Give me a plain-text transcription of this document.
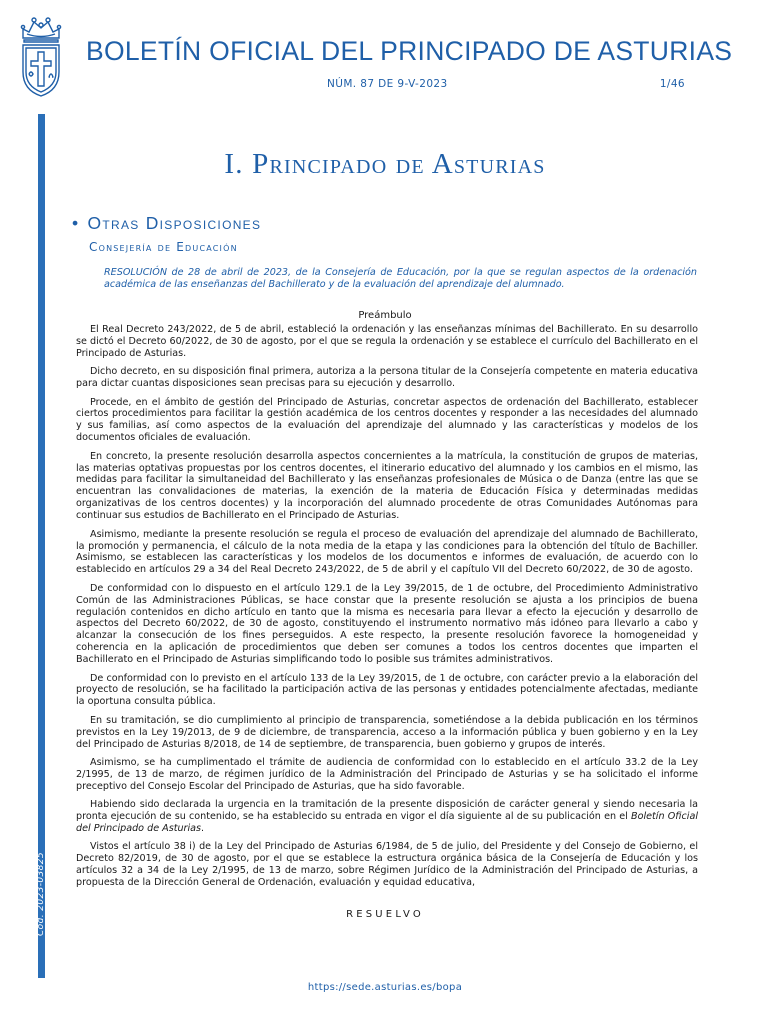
BOLETÍN OFICIAL DEL PRINCIPADO DE ASTURIAS
NÚM. 87 DE 9-V-2023	1/46
Cód. 2023-03825
I. Principado de Asturias
• Otras Disposiciones
Consejería de Educación

RESOLUCIÓN de 28 de abril de 2023, de la Consejería de Educación, por la que se regulan aspectos de la ordenación académica de las enseñanzas del Bachillerato y de la evaluación del aprendizaje del alumnado.

Preámbulo

El Real Decreto 243/2022, de 5 de abril, estableció la ordenación y las enseñanzas mínimas del Bachillerato. En su desarrollo se dictó el Decreto 60/2022, de 30 de agosto, por el que se regula la ordenación y se establece el currículo del Bachillerato en el Principado de Asturias.

Dicho decreto, en su disposición final primera, autoriza a la persona titular de la Consejería competente en materia educativa para dictar cuantas disposiciones sean precisas para su ejecución y desarrollo.

Procede, en el ámbito de gestión del Principado de Asturias, concretar aspectos de ordenación del Bachillerato, establecer ciertos procedimientos para facilitar la gestión académica de los centros docentes y responder a las necesidades del alumnado y sus familias, así como aspectos de la evaluación del aprendizaje del alumnado y las características y modelos de los documentos oficiales de evaluación.

En concreto, la presente resolución desarrolla aspectos concernientes a la matrícula, la constitución de grupos de materias, las materias optativas propuestas por los centros docentes, el itinerario educativo del alumnado y los cambios en el mismo, las medidas para facilitar la simultaneidad del Bachillerato y las enseñanzas profesionales de Música o de Danza (entre las que se encuentran las convalidaciones de materias, la exención de la materia de Educación Física y determinadas medidas organizativas de los centros docentes) y la incorporación del alumnado procedente de otras Comunidades Autónomas para continuar sus estudios de Bachillerato en el Principado de Asturias.

Asimismo, mediante la presente resolución se regula el proceso de evaluación del aprendizaje del alumnado de Bachillerato, la promoción y permanencia, el cálculo de la nota media de la etapa y las condiciones para la obtención del título de Bachiller. Asimismo, se establecen las características y los modelos de los documentos e informes de evaluación, de acuerdo con lo establecido en artículos 29 a 34 del Real Decreto 243/2022, de 5 de abril y el capítulo VII del Decreto 60/2022, de 30 de agosto.

De conformidad con lo dispuesto en el artículo 129.1 de la Ley 39/2015, de 1 de octubre, del Procedimiento Administrativo Común de las Administraciones Públicas, se hace constar que la presente resolución se ajusta a los principios de buena regulación contenidos en dicho artículo en tanto que la misma es necesaria para llevar a efecto la ejecución y desarrollo de aspectos del Decreto 60/2022, de 30 de agosto, constituyendo el instrumento normativo más idóneo para llevarlo a cabo y alcanzar la consecución de los fines perseguidos. A este respecto, la presente resolución favorece la homogeneidad y coherencia en la aplicación de procedimientos que deben ser comunes a todos los centros docentes que imparten el Bachillerato en el Principado de Asturias simplificando todo lo posible sus trámites administrativos.

De conformidad con lo previsto en el artículo 133 de la Ley 39/2015, de 1 de octubre, con carácter previo a la elaboración del proyecto de resolución, se ha facilitado la participación activa de las personas y entidades potencialmente afectadas, mediante la oportuna consulta pública.

En su tramitación, se dio cumplimiento al principio de transparencia, sometiéndose a la debida publicación en los términos previstos en la Ley 19/2013, de 9 de diciembre, de transparencia, acceso a la información pública y buen gobierno y en la Ley del Principado de Asturias 8/2018, de 14 de septiembre, de transparencia, buen gobierno y grupos de interés.

Asimismo, se ha cumplimentado el trámite de audiencia de conformidad con lo establecido en el artículo 33.2 de la Ley 2/1995, de 13 de marzo, de régimen jurídico de la Administración del Principado de Asturias y se ha solicitado el informe preceptivo del Consejo Escolar del Principado de Asturias, que ha sido favorable.

Habiendo sido declarada la urgencia en la tramitación de la presente disposición de carácter general y siendo necesaria la pronta ejecución de su contenido, se ha establecido su entrada en vigor el día siguiente al de su publicación en el Boletín Oficial del Principado de Asturias.

Vistos el artículo 38 i) de la Ley del Principado de Asturias 6/1984, de 5 de julio, del Presidente y del Consejo de Gobierno, el Decreto 82/2019, de 30 de agosto, por el que se establece la estructura orgánica básica de la Consejería de Educación y los artículos 32 a 34 de la Ley 2/1995, de 13 de marzo, sobre Régimen Jurídico de la Administración del Principado de Asturias, a propuesta de la Dirección General de Ordenación, evaluación y equidad educativa,

RESUELVO
https://sede.asturias.es/bopa
